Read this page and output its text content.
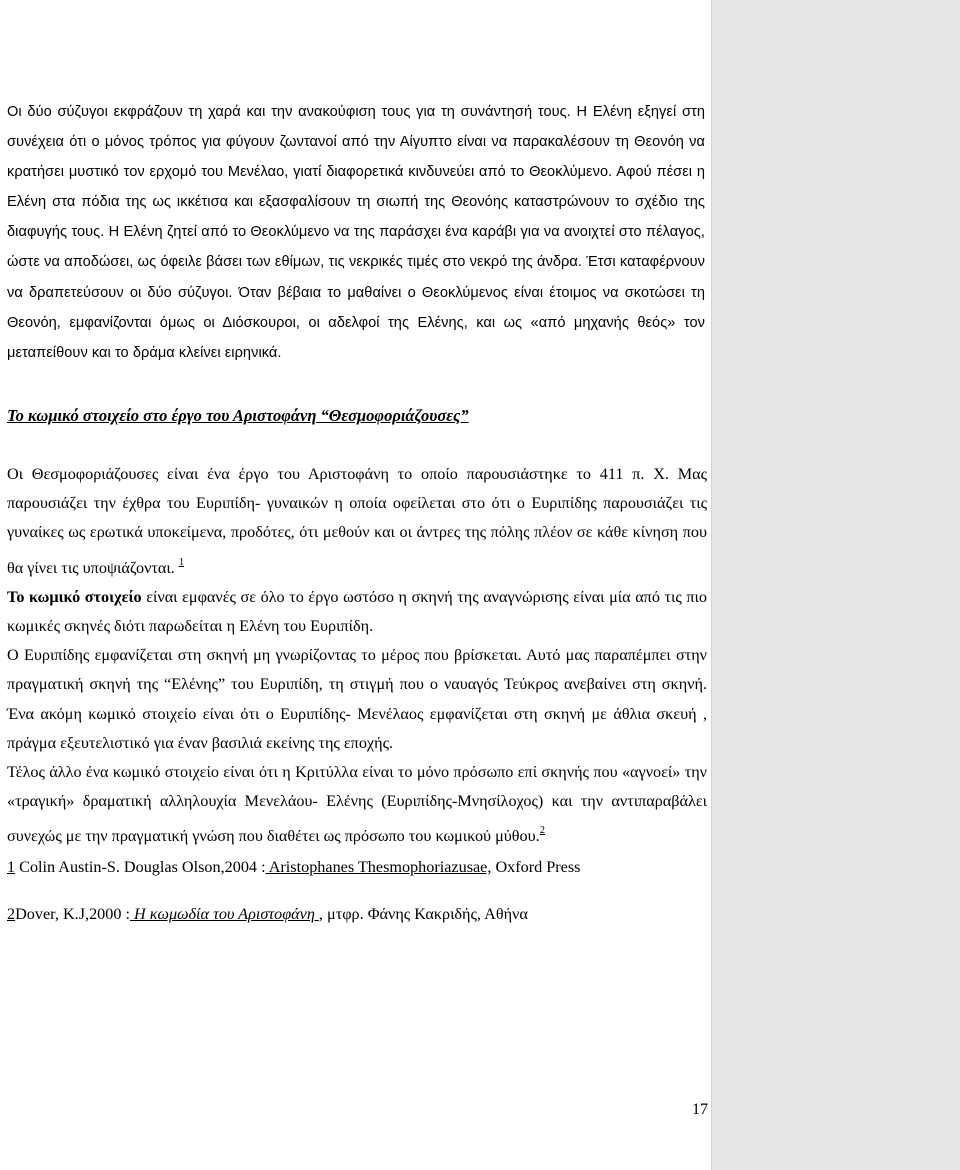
Οι δύο σύζυγοι εκφράζουν τη χαρά και την ανακούφιση τους για τη συνάντησή τους. Η Ελένη εξηγεί στη συνέχεια ότι ο μόνος τρόπος για φύγουν ζωντανοί από την Αίγυπτο είναι να παρακαλέσουν τη Θεονόη να κρατήσει μυστικό τον ερχομό του Μενέλαο, γιατί διαφορετικά κινδυνεύει από το Θεοκλύμενο. Αφού πέσει η Ελένη στα πόδια της ως ικκέτισα και εξασφαλίσουν τη σιωπή της Θεονόης καταστρώνουν το σχέδιο της διαφυγής τους. Η Ελένη ζητεί από το Θεοκλύμενο να της παράσχει ένα καράβι για να ανοιχτεί στο πέλαγος, ώστε να αποδώσει, ως όφειλε βάσει των εθίμων, τις νεκρικές τιμές στο νεκρό της άνδρα. Έτσι καταφέρνουν να δραπετεύσουν οι δύο σύζυγοι. Όταν βέβαια το μαθαίνει ο Θεοκλύμενος είναι έτοιμος να σκοτώσει τη Θεονόη, εμφανίζονται όμως οι Διόσκουροι, οι αδελφοί της Ελένης, και ως «από μηχανής θεός» τον μεταπείθουν και το δράμα κλείνει ειρηνικά.
Το κωμικό στοιχείο στο έργο του Αριστοφάνη “Θεσμοφοριάζουσες”

Οι Θεσμοφοριάζουσες είναι ένα έργο του Αριστοφάνη το οποίο παρουσιάστηκε το 411 π. Χ. Μας παρουσιάζει την έχθρα του Ευριπίδη- γυναικών η οποία οφείλεται στο ότι ο Ευριπίδης παρουσιάζει τις γυναίκες ως ερωτικά υποκείμενα, προδότες, ότι μεθούν και οι άντρες της πόλης πλέον σε κάθε κίνηση που θα γίνει τις υποψιάζονται. $^1$

Το κωμικό στοιχείο είναι εμφανές σε όλο το έργο ωστόσο η σκηνή της αναγνώρισης είναι μία από τις πιο κωμικές σκηνές διότι παρωδείται η Ελένη του Ευριπίδη.

Ο Ευριπίδης εμφανίζεται στη σκηνή μη γνωρίζοντας το μέρος που βρίσκεται. Αυτό μας παραπέμπει στην πραγματική σκηνή της “Ελένης” του Ευριπίδη, τη στιγμή που ο ναυαγός Τεύκρος ανεβαίνει στη σκηνή. Ένα ακόμη κωμικό στοιχείο είναι ότι ο Ευριπίδης- Μενέλαος εμφανίζεται στη σκηνή με άθλια σκευή , πράγμα εξευτελιστικό για έναν βασιλιά εκείνης της εποχής.

Τέλος άλλο ένα κωμικό στοιχείο είναι ότι η Κριτύλλα είναι το μόνο πρόσωπο επί σκηνής που «αγνοεί» την «τραγική» δραματική αλληλουχία Μενελάου- Ελένης (Ευριπίδης-Μνησίλοχος) και την αντιπαραβάλει συνεχώς με την πραγματική γνώση που διαθέτει ως πρόσωπο του κωμικού μύθου.$^2$

1 Colin Austin-S. Douglas Olson,2004 : Aristophanes Thesmophoriazusae, Oxford Press
2Dover, K.J,2000 : Η κωμωδία του Αριστοφάνη , μτφρ. Φάνης Κακριδής, Αθήνα
17
